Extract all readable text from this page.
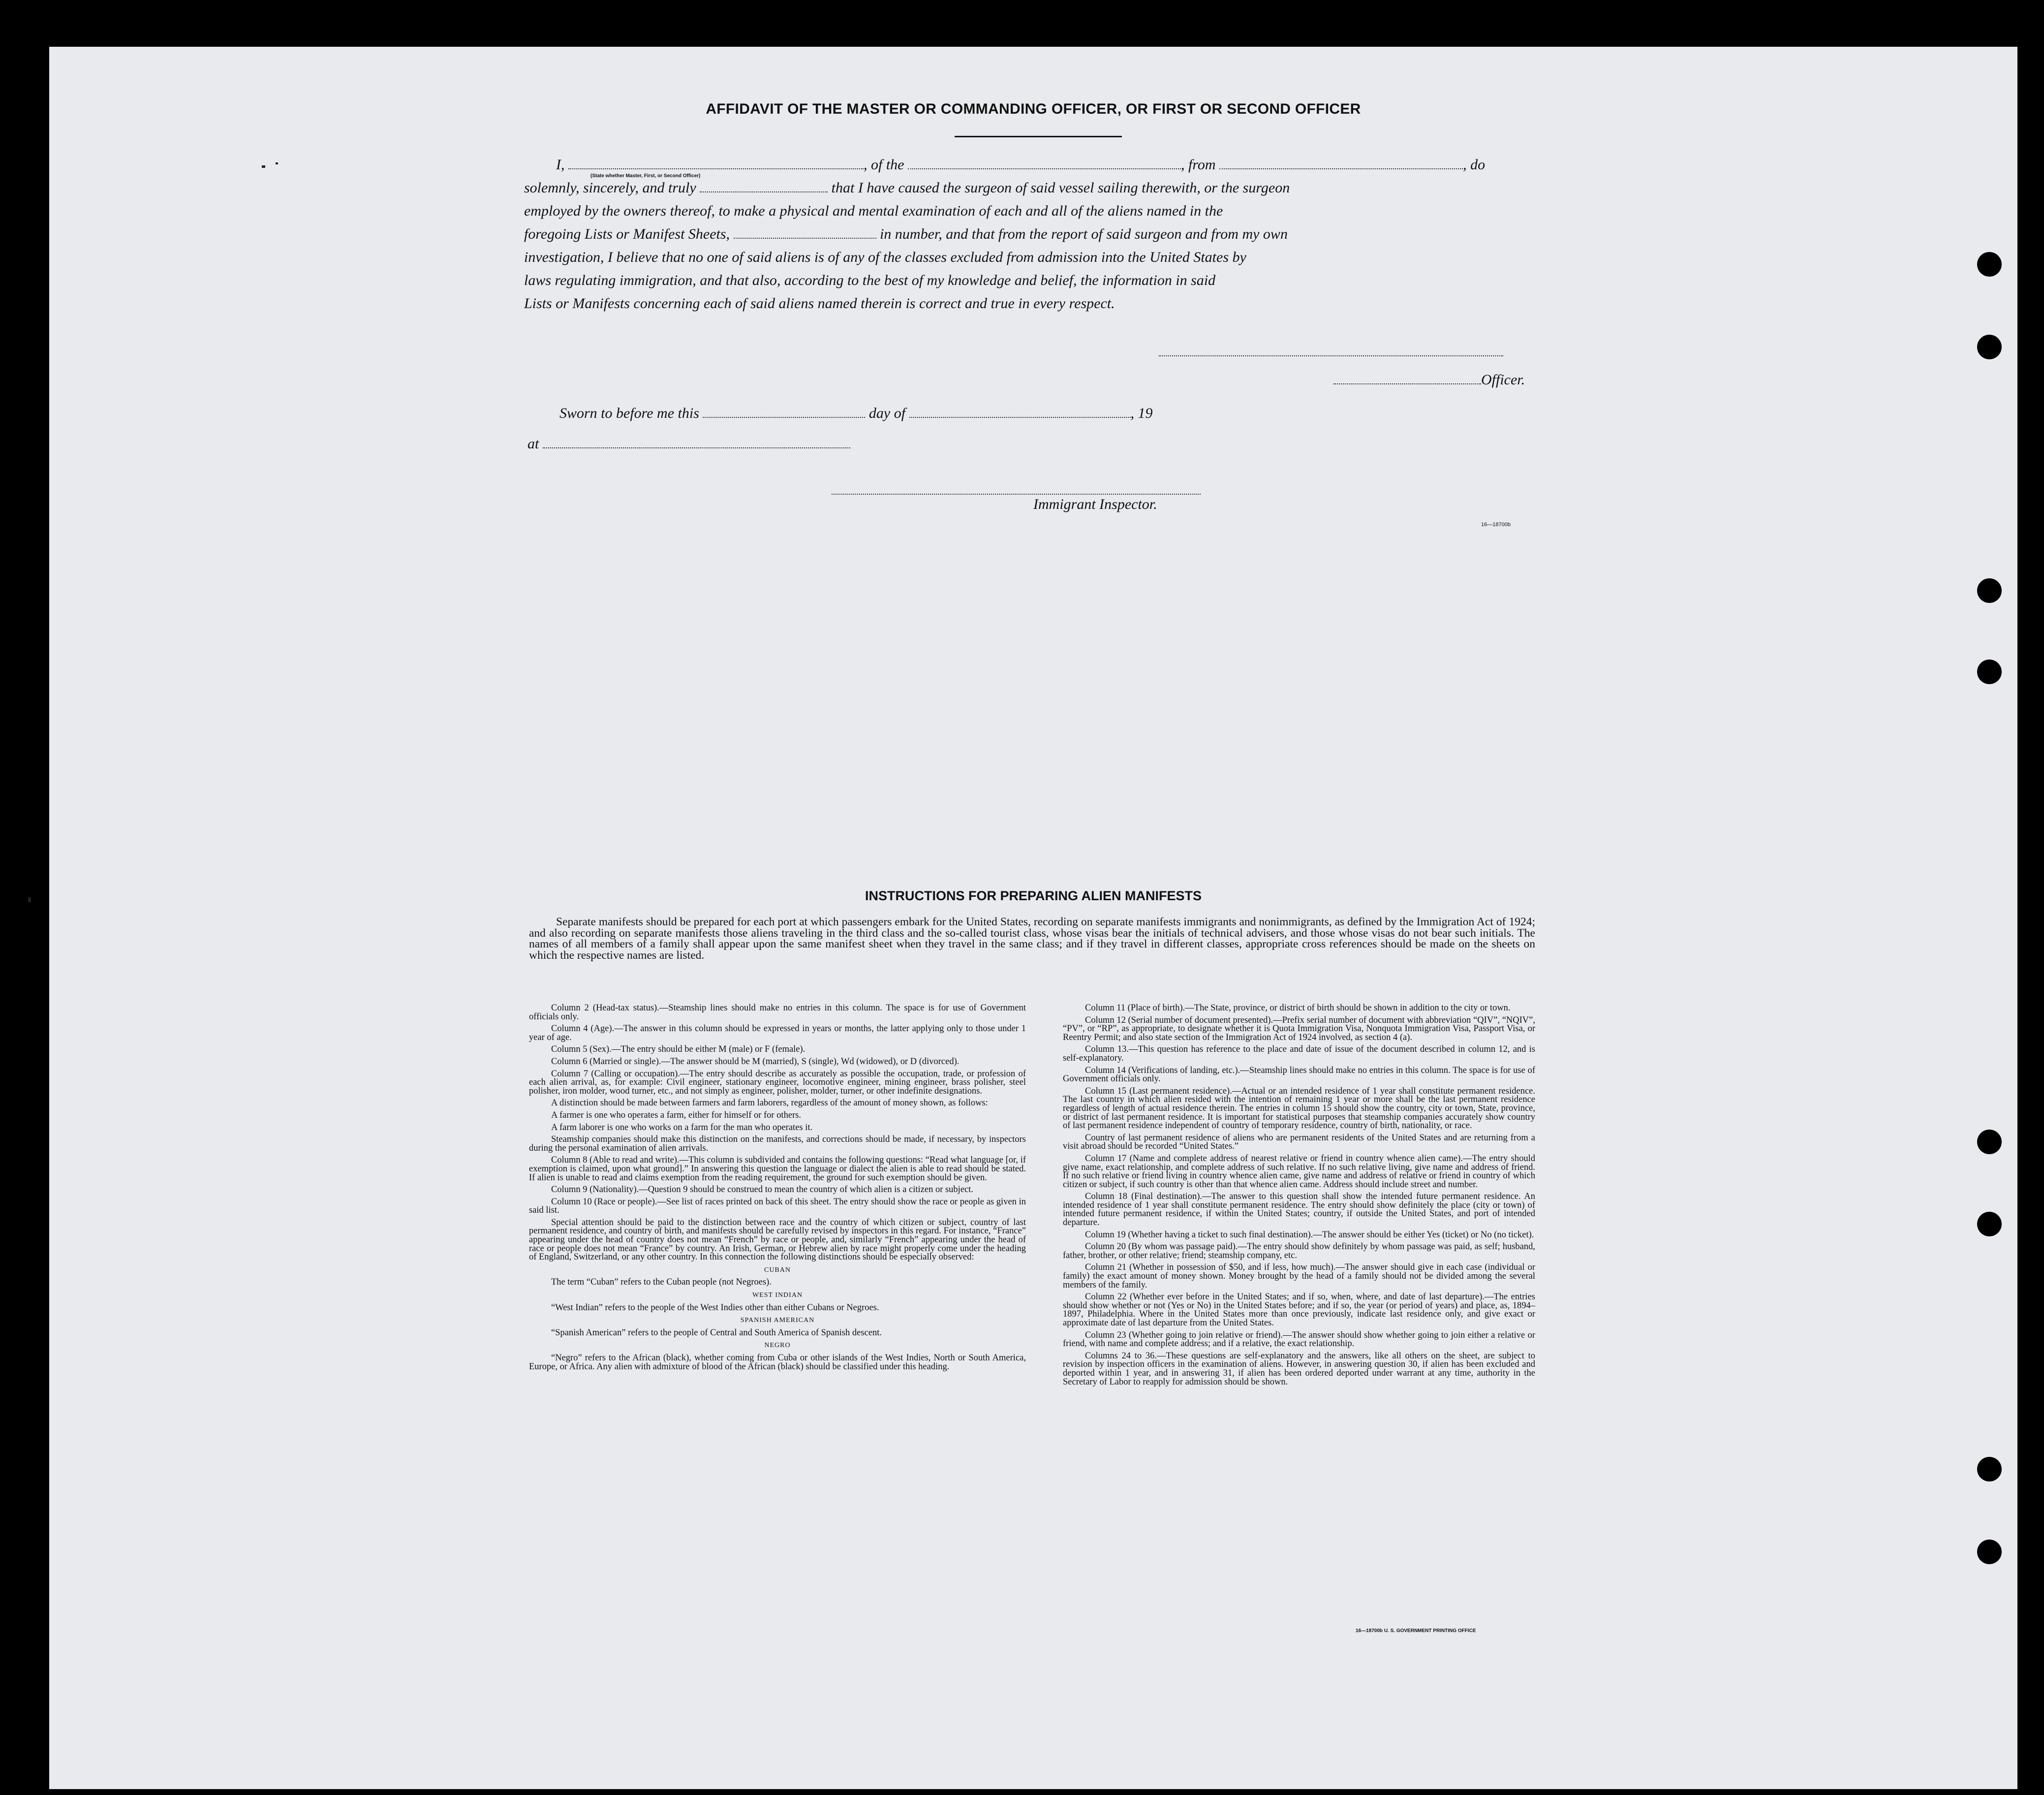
AFFIDAVIT OF THE MASTER OR COMMANDING OFFICER, OR FIRST OR SECOND OFFICER
I,	, of the	, from	, do
(State whether Master, First, or Second Officer)
solemnly, sincerely, and truly	that I have caused the surgeon of said vessel sailing therewith, or the surgeon
employed by the owners thereof, to make a physical and mental examination of each and all of the aliens named in the
foregoing Lists or Manifest Sheets,	in number, and that from the report of said surgeon and from my own
investigation, I believe that no one of said aliens is of any of the classes excluded from admission into the United States by
laws regulating immigration, and that also, according to the best of my knowledge and belief, the information in said
Lists or Manifests concerning each of said aliens named therein is correct and true in every respect.
Officer.
Sworn to before me this	day of	, 19
at
Immigrant Inspector.
16—18700b
INSTRUCTIONS FOR PREPARING ALIEN MANIFESTS
Separate manifests should be prepared for each port at which passengers embark for the United States, recording on separate manifests immigrants and nonimmigrants, as defined by the Immigration Act of 1924; and also recording on separate manifests those aliens traveling in the third class and the so-called tourist class, whose visas bear the initials of technical advisers, and those whose visas do not bear such initials. The names of all members of a family shall appear upon the same manifest sheet when they travel in the same class; and if they travel in different classes, appropriate cross references should be made on the sheets on which the respective names are listed.

Column 2 (Head-tax status).—Steamship lines should make no entries in this column. The space is for use of Government officials only.

Column 4 (Age).—The answer in this column should be expressed in years or months, the latter applying only to those under 1 year of age.

Column 5 (Sex).—The entry should be either M (male) or F (female).

Column 6 (Married or single).—The answer should be M (married), S (single), Wd (widowed), or D (divorced).

Column 7 (Calling or occupation).—The entry should describe as accurately as possible the occupation, trade, or profession of each alien arrival, as, for example: Civil engineer, stationary engineer, locomotive engineer, mining engineer, brass polisher, steel polisher, iron molder, wood turner, etc., and not simply as engineer, polisher, molder, turner, or other indefinite designations.

A distinction should be made between farmers and farm laborers, regardless of the amount of money shown, as follows:

A farmer is one who operates a farm, either for himself or for others.

A farm laborer is one who works on a farm for the man who operates it.

Steamship companies should make this distinction on the manifests, and corrections should be made, if necessary, by inspectors during the personal examination of alien arrivals.

Column 8 (Able to read and write).—This column is subdivided and contains the following questions: “Read what language [or, if exemption is claimed, upon what ground].” In answering this question the language or dialect the alien is able to read should be stated. If alien is unable to read and claims exemption from the reading requirement, the ground for such exemption should be given.

Column 9 (Nationality).—Question 9 should be construed to mean the country of which alien is a citizen or subject.

Column 10 (Race or people).—See list of races printed on back of this sheet. The entry should show the race or people as given in said list.

Special attention should be paid to the distinction between race and the country of which citizen or subject, country of last permanent residence, and country of birth, and manifests should be carefully revised by inspectors in this regard. For instance, “France” appearing under the head of country does not mean “French” by race or people, and, similarly “French” appearing under the head of race or people does not mean “France” by country. An Irish, German, or Hebrew alien by race might properly come under the heading of England, Switzerland, or any other country. In this connection the following distinctions should be especially observed:

CUBAN

The term “Cuban” refers to the Cuban people (not Negroes).

WEST INDIAN

“West Indian” refers to the people of the West Indies other than either Cubans or Negroes.

SPANISH AMERICAN

“Spanish American” refers to the people of Central and South America of Spanish descent.

NEGRO

“Negro” refers to the African (black), whether coming from Cuba or other islands of the West Indies, North or South America, Europe, or Africa. Any alien with admixture of blood of the African (black) should be classified under this heading.

Column 11 (Place of birth).—The State, province, or district of birth should be shown in addition to the city or town.

Column 12 (Serial number of document presented).—Prefix serial number of document with abbreviation “QIV”, “NQIV”, “PV”, or “RP”, as appropriate, to designate whether it is Quota Immigration Visa, Nonquota Immigration Visa, Passport Visa, or Reentry Permit; and also state section of the Immigration Act of 1924 involved, as section 4 (a).

Column 13.—This question has reference to the place and date of issue of the document described in column 12, and is self-explanatory.

Column 14 (Verifications of landing, etc.).—Steamship lines should make no entries in this column. The space is for use of Government officials only.

Column 15 (Last permanent residence).—Actual or an intended residence of 1 year shall constitute permanent residence. The last country in which alien resided with the intention of remaining 1 year or more shall be the last permanent residence regardless of length of actual residence therein. The entries in column 15 should show the country, city or town, State, province, or district of last permanent residence. It is important for statistical purposes that steamship companies accurately show country of last permanent residence independent of country of temporary residence, country of birth, nationality, or race.

Country of last permanent residence of aliens who are permanent residents of the United States and are returning from a visit abroad should be recorded “United States.”

Column 17 (Name and complete address of nearest relative or friend in country whence alien came).—The entry should give name, exact relationship, and complete address of such relative. If no such relative living, give name and address of friend. If no such relative or friend living in country whence alien came, give name and address of relative or friend in country of which citizen or subject, if such country is other than that whence alien came. Address should include street and number.

Column 18 (Final destination).—The answer to this question shall show the intended future permanent residence. An intended residence of 1 year shall constitute permanent residence. The entry should show definitely the place (city or town) of intended future permanent residence, if within the United States; country, if outside the United States, and port of intended departure.

Column 19 (Whether having a ticket to such final destination).—The answer should be either Yes (ticket) or No (no ticket).

Column 20 (By whom was passage paid).—The entry should show definitely by whom passage was paid, as self; husband, father, brother, or other relative; friend; steamship company, etc.

Column 21 (Whether in possession of $50, and if less, how much).—The answer should give in each case (individual or family) the exact amount of money shown. Money brought by the head of a family should not be divided among the several members of the family.

Column 22 (Whether ever before in the United States; and if so, when, where, and date of last departure).—The entries should show whether or not (Yes or No) in the United States before; and if so, the year (or period of years) and place, as, 1894–1897, Philadelphia. Where in the United States more than once previously, indicate last residence only, and give exact or approximate date of last departure from the United States.

Column 23 (Whether going to join relative or friend).—The answer should show whether going to join either a relative or friend, with name and complete address; and if a relative, the exact relationship.

Columns 24 to 36.—These questions are self-explanatory and the answers, like all others on the sheet, are subject to revision by inspection officers in the examination of aliens. However, in answering question 30, if alien has been excluded and deported within 1 year, and in answering 31, if alien has been ordered deported under warrant at any time, authority in the Secretary of Labor to reapply for admission should be shown.

16—18700b U. S. GOVERNMENT PRINTING OFFICE
